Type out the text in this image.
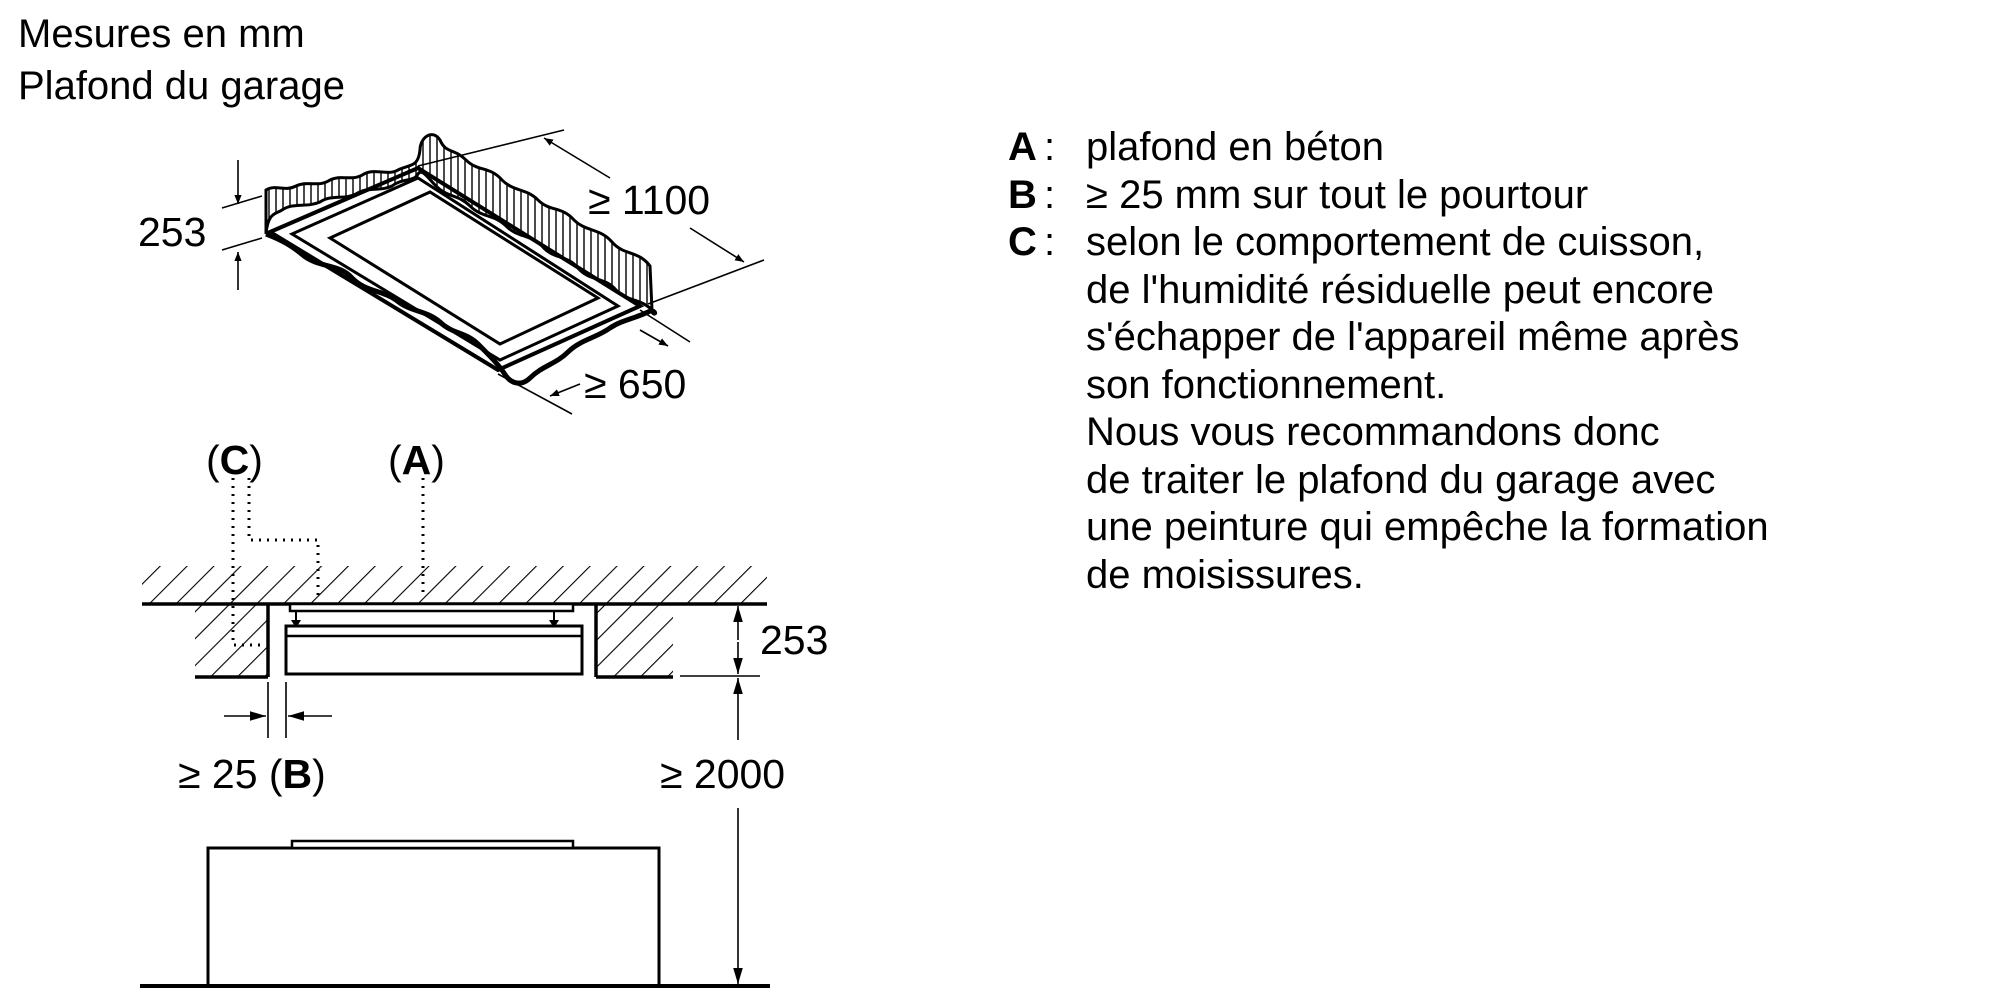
Mesures en mm
Plafond du garage
253
≥ 1100
≥ 650
(C)	(A)
253
≥ 2000
≥ 25 (B)
A : plafond en béton
B : ≥ 25 mm sur tout le pourtour
C : selon le comportement de cuisson,
de l'humidité résiduelle peut encore
s'échapper de l'appareil même après
son fonctionnement.
Nous vous recommandons donc
de traiter le plafond du garage avec
une peinture qui empêche la formation
de moisissures.
